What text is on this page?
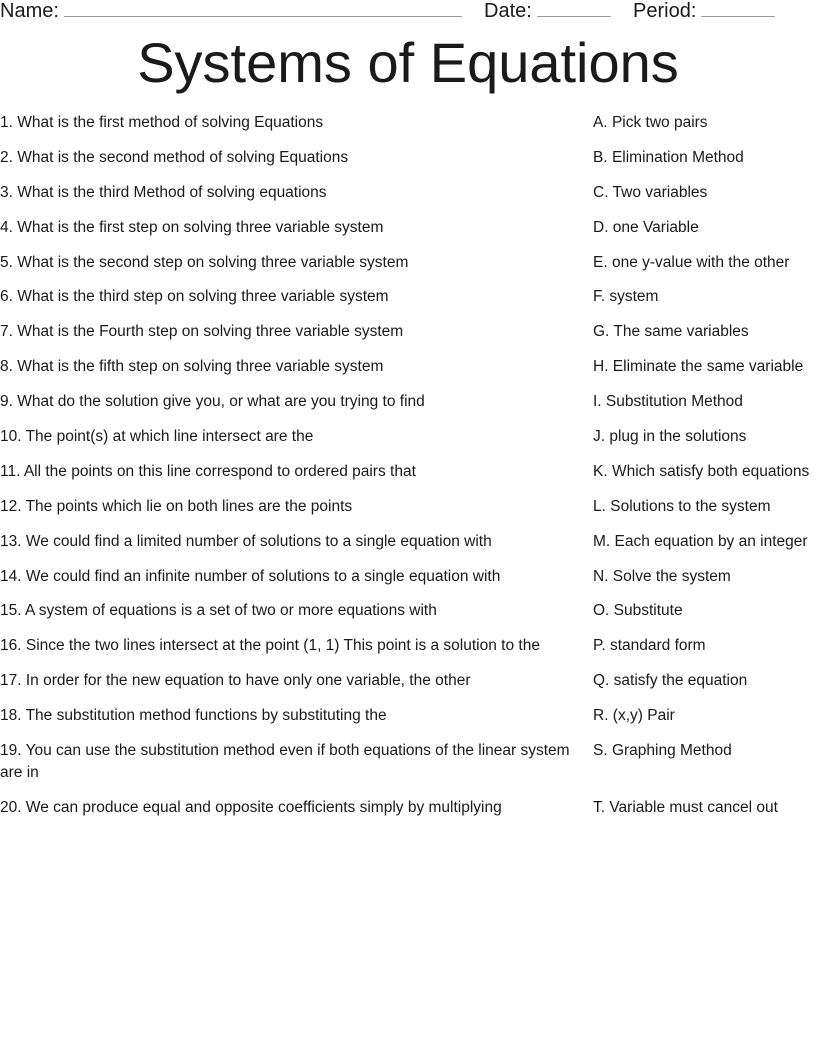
Name:	Date:	Period:
Systems of Equations
1. What is the first method of solving Equations
2. What is the second method of solving Equations
3. What is the third Method of solving equations
4. What is the first step on solving three variable system
5. What is the second step on solving three variable system
6. What is the third step on solving three variable system
7. What is the Fourth step on solving three variable system
8. What is the fifth step on solving three variable system
9. What do the solution give you, or what are you trying to find
10. The point(s) at which line intersect are the
11. All the points on this line correspond to ordered pairs that
12. The points which lie on both lines are the points
13. We could find a limited number of solutions to a single equation with
14. We could find an infinite number of solutions to a single equation with
15. A system of equations is a set of two or more equations with
16. Since the two lines intersect at the point (1, 1) This point is a solution to the
17. In order for the new equation to have only one variable, the other
18. The substitution method functions by substituting the
19. You can use the substitution method even if both equations of the linear system are in
20. We can produce equal and opposite coefficients simply by multiplying
A. Pick two pairs
B. Elimination Method
C. Two variables
D. one Variable
E. one y-value with the other
F. system
G. The same variables
H. Eliminate the same variable
I. Substitution Method
J. plug in the solutions
K. Which satisfy both equations
L. Solutions to the system
M. Each equation by an integer
N. Solve the system
O. Substitute
P. standard form
Q. satisfy the equation
R. (x,y) Pair
S. Graphing Method
T. Variable must cancel out
